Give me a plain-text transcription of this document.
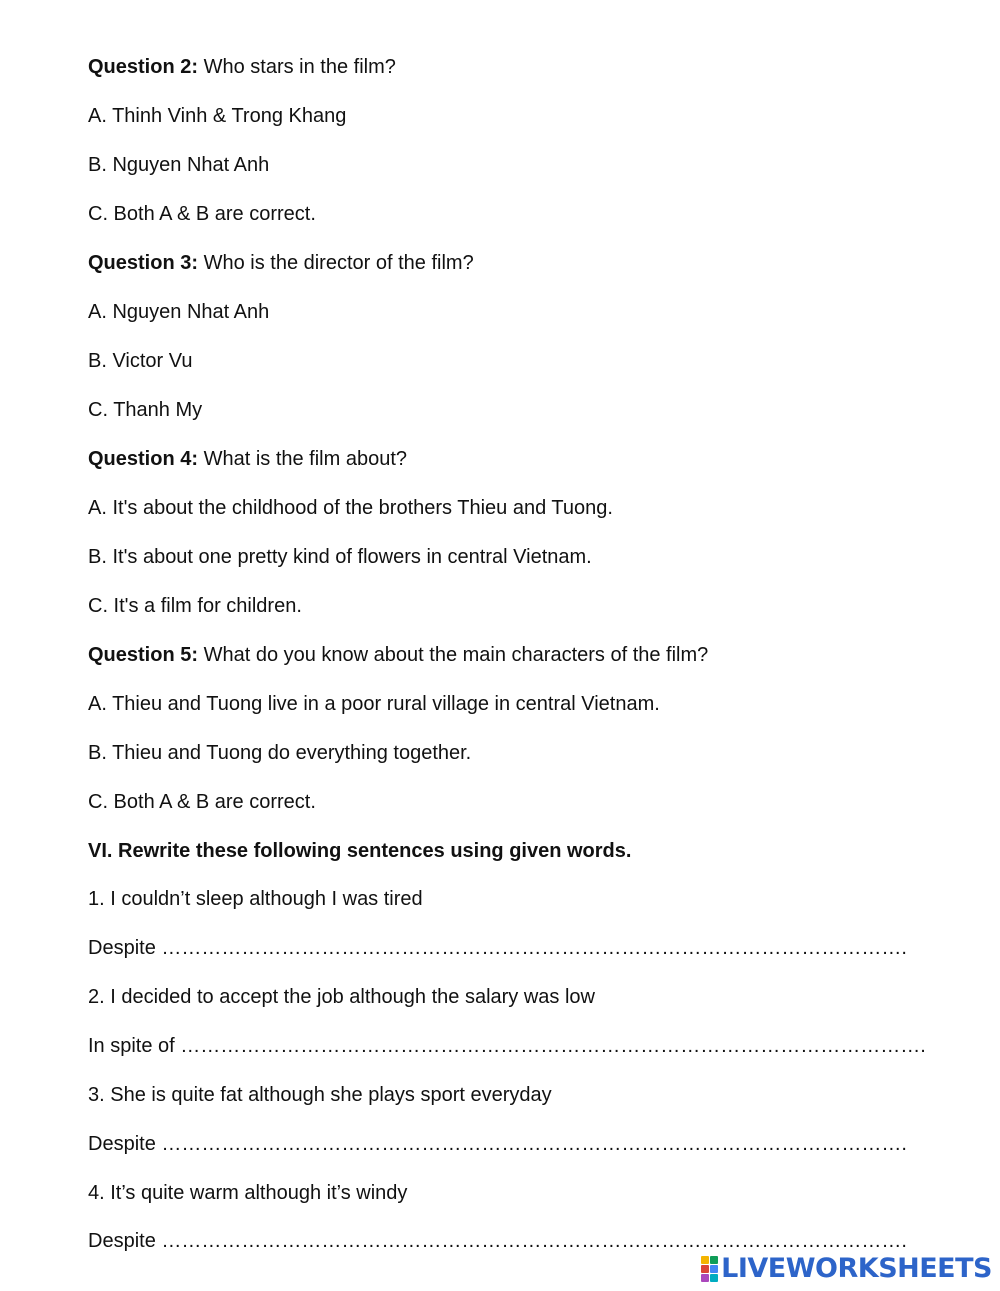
Question 2: Who stars in the film?
A. Thinh Vinh & Trong Khang
B. Nguyen Nhat Anh
C. Both A & B are correct.
Question 3: Who is the director of the film?
A. Nguyen Nhat Anh
B. Victor Vu
C. Thanh My
Question 4: What is the film about?
A. It's about the childhood of the brothers Thieu and Tuong.
B. It's about one pretty kind of flowers in central Vietnam.
C. It's a film for children.
Question 5: What do you know about the main characters of the film?
A. Thieu and Tuong live in a poor rural village in central Vietnam.
B. Thieu and Tuong do everything together.
C. Both A & B are correct.
VI. Rewrite these following sentences using given words.
1. I couldn’t sleep although I was tired
Despite ………………………………………………………………………………………………….
2. I decided to accept the job although the salary was low
In spite of ………………………………………………………………………………………………….
3. She is quite fat although she plays sport everyday
Despite ………………………………………………………………………………………………….
4. It’s quite warm although it’s windy
Despite ………………………………………………………………………………………………….
LIVEWORKSHEETS
